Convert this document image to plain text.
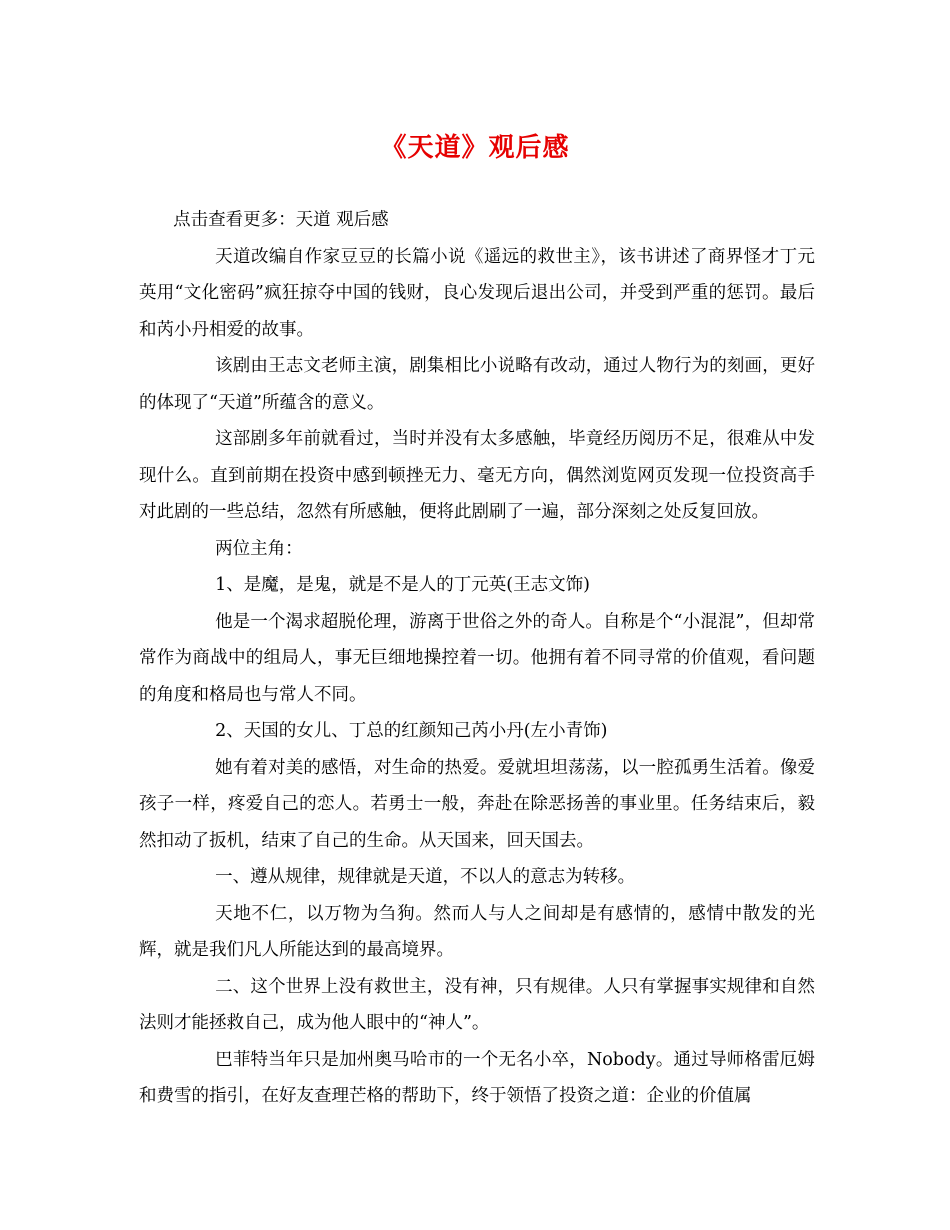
《天道》观后感

点击查看更多：天道 观后感

天道改编自作家豆豆的长篇小说《遥远的救世主》，该书讲述了商界怪才丁元英用“文化密码”疯狂掠夺中国的钱财，良心发现后退出公司，并受到严重的惩罚。最后和芮小丹相爱的故事。

该剧由王志文老师主演，剧集相比小说略有改动，通过人物行为的刻画，更好的体现了“天道”所蕴含的意义。

这部剧多年前就看过，当时并没有太多感触，毕竟经历阅历不足，很难从中发现什么。直到前期在投资中感到顿挫无力、毫无方向，偶然浏览网页发现一位投资高手对此剧的一些总结，忽然有所感触，便将此剧刷了一遍，部分深刻之处反复回放。

两位主角：

1、是魔，是鬼，就是不是人的丁元英(王志文饰)

他是一个渴求超脱伦理，游离于世俗之外的奇人。自称是个“小混混”，但却常常作为商战中的组局人，事无巨细地操控着一切。他拥有着不同寻常的价值观，看问题的角度和格局也与常人不同。

2、天国的女儿、丁总的红颜知己芮小丹(左小青饰)

她有着对美的感悟，对生命的热爱。爱就坦坦荡荡，以一腔孤勇生活着。像爱孩子一样，疼爱自己的恋人。若勇士一般，奔赴在除恶扬善的事业里。任务结束后，毅然扣动了扳机，结束了自己的生命。从天国来，回天国去。

一、遵从规律，规律就是天道，不以人的意志为转移。

天地不仁，以万物为刍狗。然而人与人之间却是有感情的，感情中散发的光辉，就是我们凡人所能达到的最高境界。

二、这个世界上没有救世主，没有神，只有规律。人只有掌握事实规律和自然法则才能拯救自己，成为他人眼中的“神人”。

巴菲特当年只是加州奥马哈市的一个无名小卒，Nobody。通过导师格雷厄姆和费雪的指引，在好友查理芒格的帮助下，终于领悟了投资之道：企业的价值属
